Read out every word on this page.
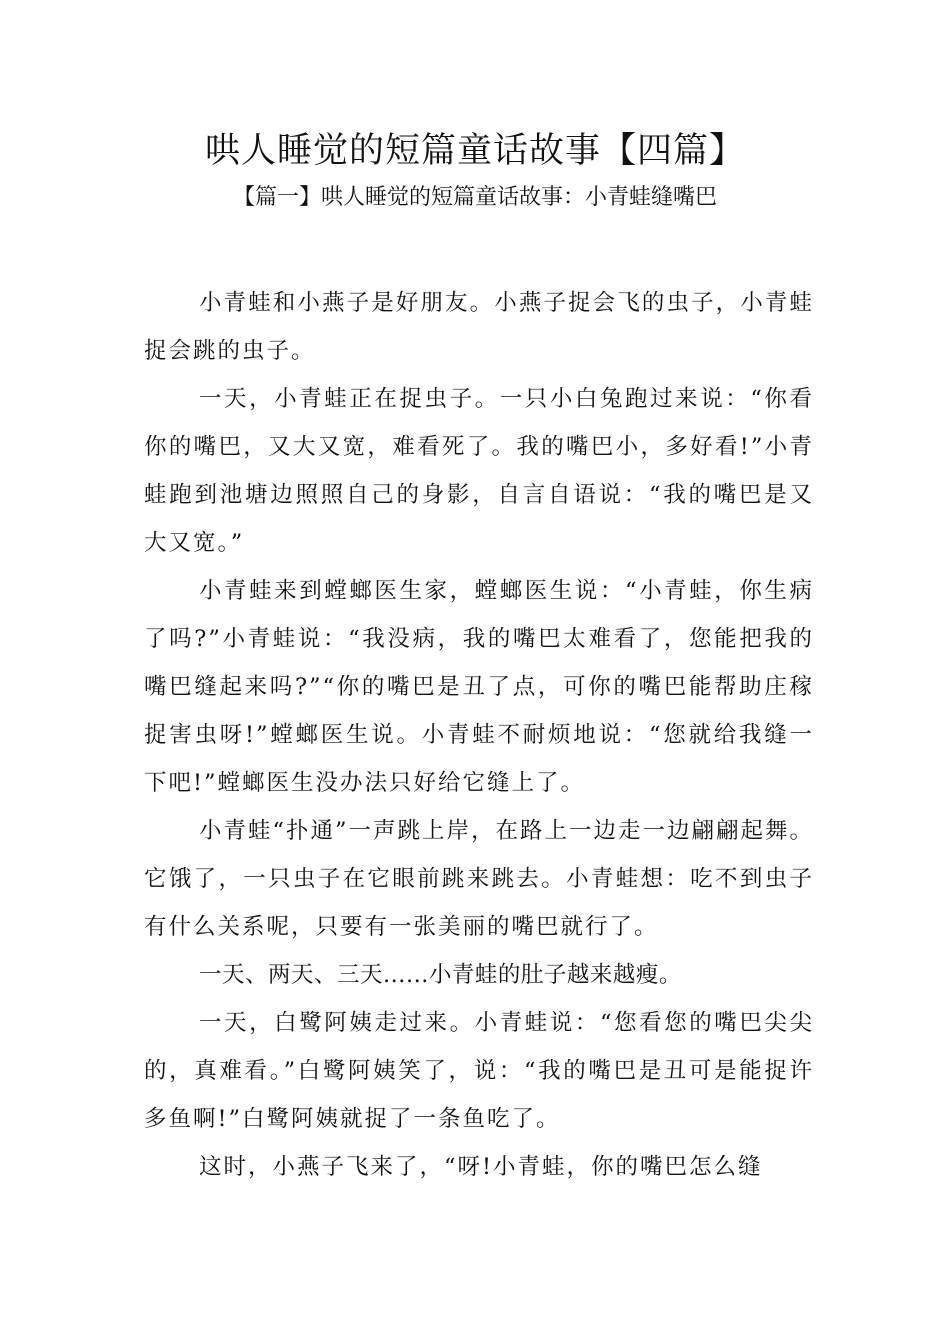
哄人睡觉的短篇童话故事【四篇】
【篇一】哄人睡觉的短篇童话故事：小青蛙缝嘴巴

小青蛙和小燕子是好朋友。小燕子捉会飞的虫子，小青蛙捉会跳的虫子。

一天，小青蛙正在捉虫子。一只小白兔跑过来说：“你看你的嘴巴，又大又宽，难看死了。我的嘴巴小，多好看!”小青蛙跑到池塘边照照自己的身影，自言自语说：“我的嘴巴是又大又宽。”

小青蛙来到螳螂医生家，螳螂医生说：“小青蛙，你生病了吗?”小青蛙说：“我没病，我的嘴巴太难看了，您能把我的嘴巴缝起来吗?”“你的嘴巴是丑了点，可你的嘴巴能帮助庄稼捉害虫呀!”螳螂医生说。小青蛙不耐烦地说：“您就给我缝一下吧!”螳螂医生没办法只好给它缝上了。

小青蛙“扑通”一声跳上岸，在路上一边走一边翩翩起舞。它饿了，一只虫子在它眼前跳来跳去。小青蛙想：吃不到虫子有什么关系呢，只要有一张美丽的嘴巴就行了。

一天、两天、三天......小青蛙的肚子越来越瘦。

一天，白鹭阿姨走过来。小青蛙说：“您看您的嘴巴尖尖的，真难看。”白鹭阿姨笑了，说：“我的嘴巴是丑可是能捉许多鱼啊!”白鹭阿姨就捉了一条鱼吃了。

这时，小燕子飞来了，“呀!小青蛙，你的嘴巴怎么缝
